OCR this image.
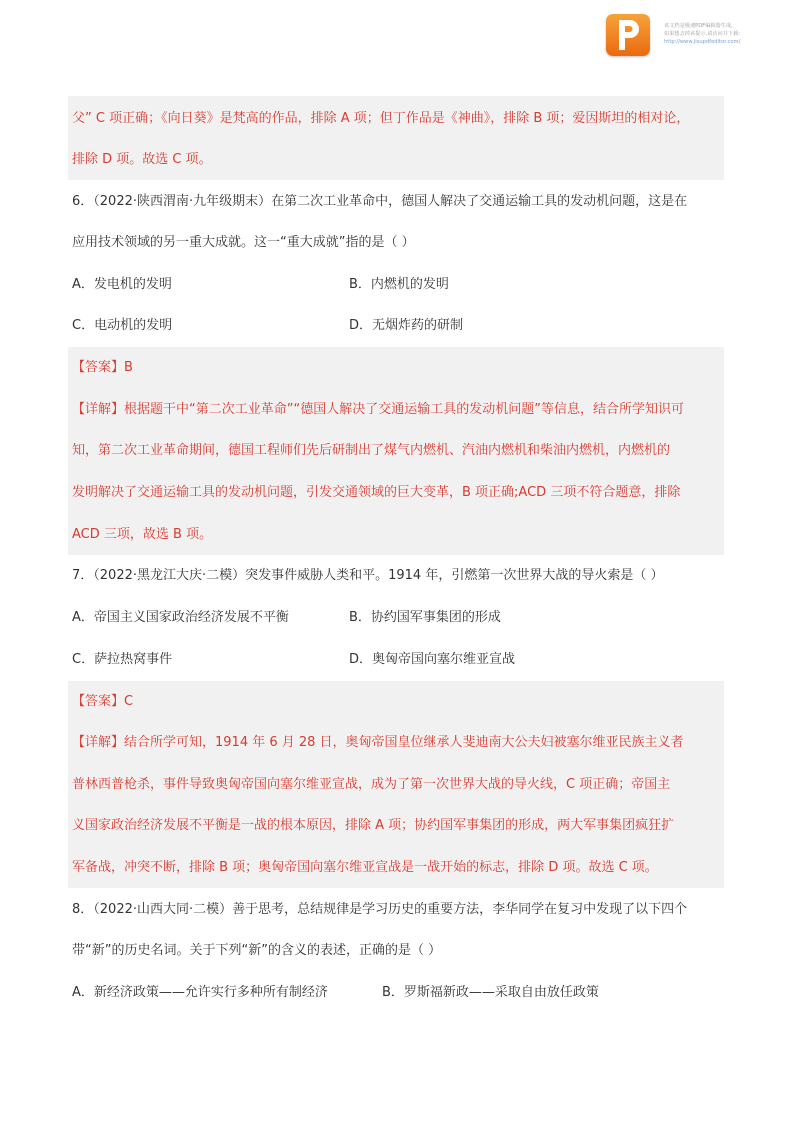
该文档是极速PDF编辑器生成,
如果想去掉该提示,请访问并下载:
http://www.jisupdfeditor.com/
父” C 项正确；《向日葵》是梵高的作品，排除 A 项；但丁作品是《神曲》，排除 B 项；爱因斯坦的相对论，
排除 D 项。故选 C 项。
6．（2022·陕西渭南·九年级期末）在第二次工业革命中，德国人解决了交通运输工具的发动机问题，这是在
应用技术领域的另一重大成就。这一“重大成就”指的是（ ）
A．发电机的发明	B．内燃机的发明
C．电动机的发明	D．无烟炸药的研制
【答案】B
【详解】根据题干中“第二次工业革命”“德国人解决了交通运输工具的发动机问题”等信息，结合所学知识可
知，第二次工业革命期间，德国工程师们先后研制出了煤气内燃机、汽油内燃机和柴油内燃机，内燃机的
发明解决了交通运输工具的发动机问题，引发交通领域的巨大变革，B 项正确;ACD 三项不符合题意，排除
ACD 三项，故选 B 项。
7．（2022·黑龙江大庆·二模）突发事件威胁人类和平。1914 年，引燃第一次世界大战的导火索是（ ）
A．帝国主义国家政治经济发展不平衡	B．协约国军事集团的形成
C．萨拉热窝事件	D．奥匈帝国向塞尔维亚宣战
【答案】C
【详解】结合所学可知，1914 年 6 月 28 日，奥匈帝国皇位继承人斐迪南大公夫妇被塞尔维亚民族主义者
普林西普枪杀，事件导致奥匈帝国向塞尔维亚宣战，成为了第一次世界大战的导火线，C 项正确；帝国主
义国家政治经济发展不平衡是一战的根本原因，排除 A 项；协约国军事集团的形成，两大军事集团疯狂扩
军备战，冲突不断，排除 B 项；奥匈帝国向塞尔维亚宣战是一战开始的标志，排除 D 项。故选 C 项。
8．（2022·山西大同·二模）善于思考，总结规律是学习历史的重要方法，李华同学在复习中发现了以下四个
带“新”的历史名词。关于下列“新”的含义的表述，正确的是（ ）
A．新经济政策——允许实行多种所有制经济	B．罗斯福新政——采取自由放任政策
